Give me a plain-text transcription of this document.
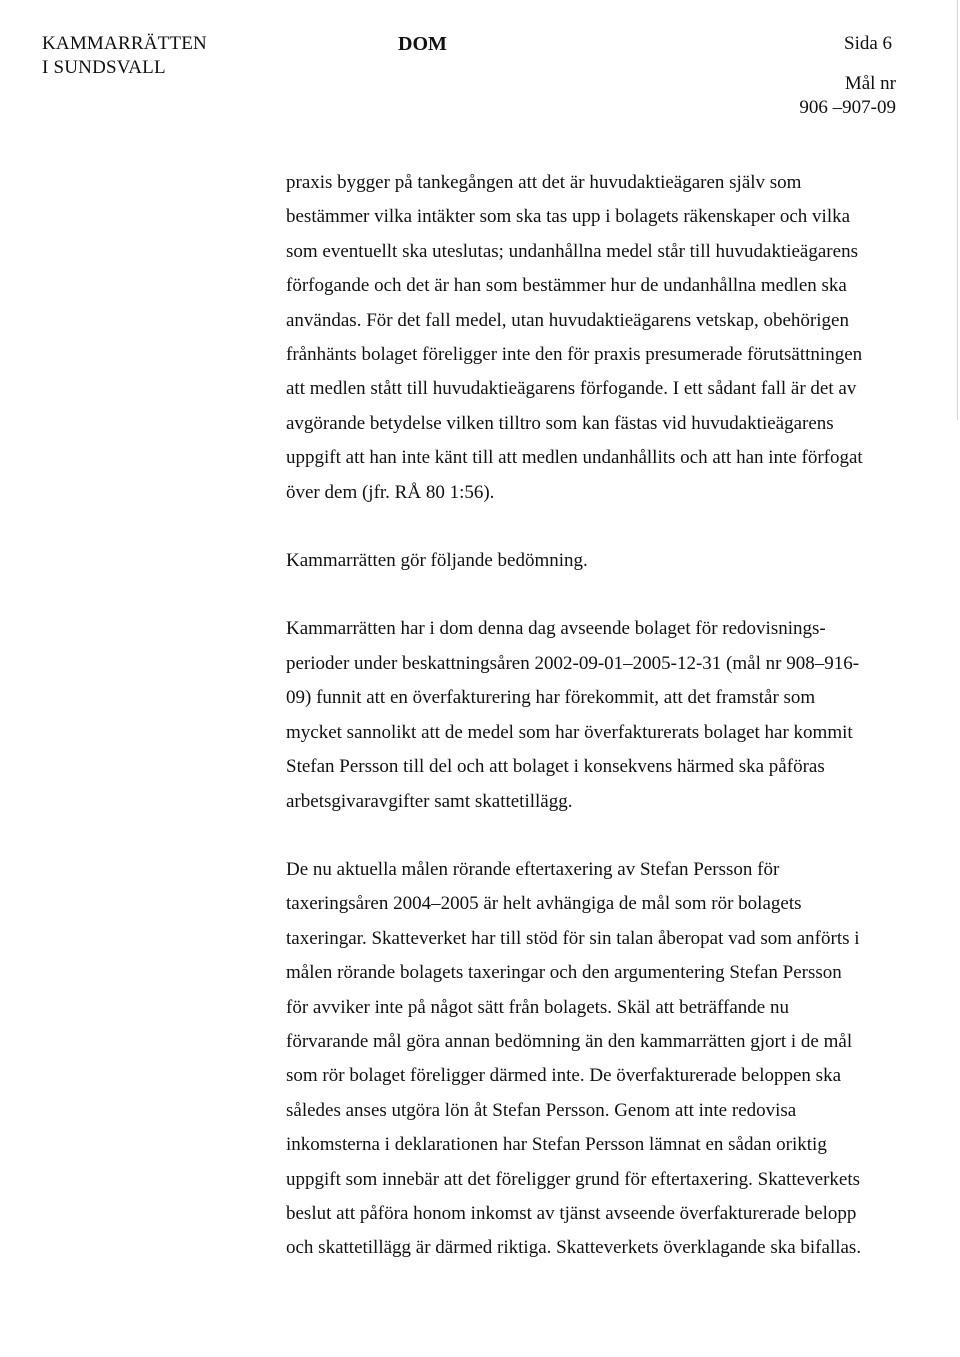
KAMMARRÄTTEN
I SUNDSVALL
DOM	Sida 6
Mål nr
906 –907-09

praxis bygger på tankegången att det är huvudaktieägaren själv som
bestämmer vilka intäkter som ska tas upp i bolagets räkenskaper och vilka
som eventuellt ska uteslutas; undanhållna medel står till huvudaktieägarens
förfogande och det är han som bestämmer hur de undanhållna medlen ska
användas. För det fall medel, utan huvudaktieägarens vetskap, obehörigen
frånhänts bolaget föreligger inte den för praxis presumerade förutsättningen
att medlen stått till huvudaktieägarens förfogande. I ett sådant fall är det av
avgörande betydelse vilken tilltro som kan fästas vid huvudaktieägarens
uppgift att han inte känt till att medlen undanhållits och att han inte förfogat
över dem (jfr. RÅ 80 1:56).

Kammarrätten gör följande bedömning.

Kammarrätten har i dom denna dag avseende bolaget för redovisnings-
perioder under beskattningsåren 2002-09-01–2005-12-31 (mål nr 908–916-
09) funnit att en överfakturering har förekommit, att det framstår som
mycket sannolikt att de medel som har överfakturerats bolaget har kommit
Stefan Persson till del och att bolaget i konsekvens härmed ska påföras
arbetsgivaravgifter samt skattetillägg.

De nu aktuella målen rörande eftertaxering av Stefan Persson för
taxeringsåren 2004–2005 är helt avhängiga de mål som rör bolagets
taxeringar. Skatteverket har till stöd för sin talan åberopat vad som anförts i
målen rörande bolagets taxeringar och den argumentering Stefan Persson
för avviker inte på något sätt från bolagets. Skäl att beträffande nu
förvarande mål göra annan bedömning än den kammarrätten gjort i de mål
som rör bolaget föreligger därmed inte. De överfakturerade beloppen ska
således anses utgöra lön åt Stefan Persson. Genom att inte redovisa
inkomsterna i deklarationen har Stefan Persson lämnat en sådan oriktig
uppgift som innebär att det föreligger grund för eftertaxering. Skatteverkets
beslut att påföra honom inkomst av tjänst avseende överfakturerade belopp
och skattetillägg är därmed riktiga. Skatteverkets överklagande ska bifallas.
